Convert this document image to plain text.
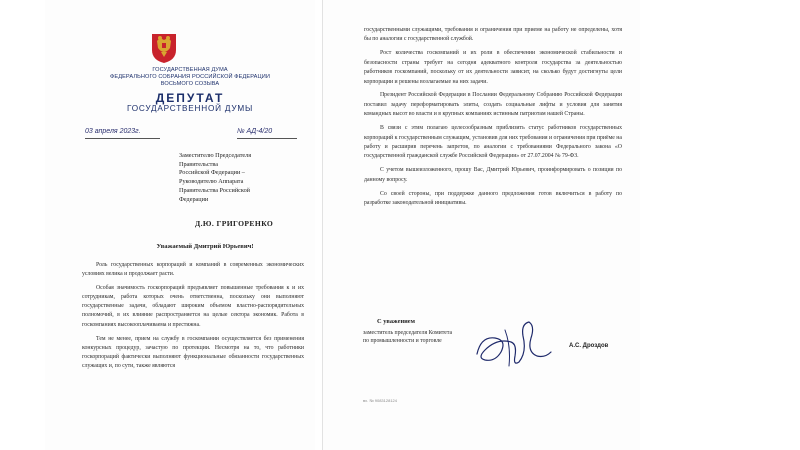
ГОСУДАРСТВЕННАЯ ДУМА
ФЕДЕРАЛЬНОГО СОБРАНИЯ РОССИЙСКОЙ ФЕДЕРАЦИИ
ВОСЬМОГО СОЗЫВА
ДЕПУТАТ
ГОСУДАРСТВЕННОЙ ДУМЫ
03 апреля 2023г.	№ АД-4/20
Заместителю Председателя
Правительства
Российской Федерации –
Руководителю Аппарата
Правительства Российской
Федерации
Д.Ю. ГРИГОРЕНКО
Уважаемый Дмитрий Юрьевич!

Роль государственных корпораций и компаний в современных экономических условиях велика и продолжает расти.

Особая значимость госкорпораций предъявляет повышенные требования к и их сотрудникам, работа которых очень ответственна, поскольку они выполняют государственные задачи, обладают широким объемом властно-распорядительных полномочий, в их влияние распространяется на целые сектора экономик. Работа в госкомпаниях высокооплачиваема и престижна.

Тем не менее, прием на службу в госкомпании осуществляется без применения конкурсных процедур, зачастую по протекции. Несмотря на то, что работники госкорпораций фактически выполняют функциональные обязанности государственных служащих и, по сути, также являются

государственными служащими, требования и ограничения при приеме на работу не определены, хотя бы по аналогии с государственной службой.

Рост количества госкомпаний и их роли в обеспечении экономической стабильности и безопасности страны требует на сегодня адекватного контроля государства за деятельностью работников госкомпаний, поскольку от их деятельности зависит, на сколько будут достигнуты цели корпорации и решены возлагаемые на них задачи.

Президент Российской Федерации в Послании Федеральному Собранию Российской Федерации поставил задачу переформатировать элиты, создать социальные лифты и условия для занятия командных высот во власти и в крупных компаниях истинным патриотам нашей Страны.

В связи с этим полагаю целесообразным приблизить статус работников государственных корпораций к государственным служащим, установив для них требования и ограничения при приёме на работу и расширив перечень запретов, по аналогии с требованиями Федерального закона «О государственной гражданской службе Российской Федерации» от 27.07.2004 № 79-ФЗ.

С учетом вышеизложенного, прошу Вас, Дмитрий Юрьевич, проинформировать о позиции по данному вопросу.

Со своей стороны, при поддержке данного предложения готов включиться в работу по разработке законодательной инициативы.

С уважением
заместитель председателя Комитета
по промышленности и торговле
А.С. Дроздов
вх. № 9083128124
